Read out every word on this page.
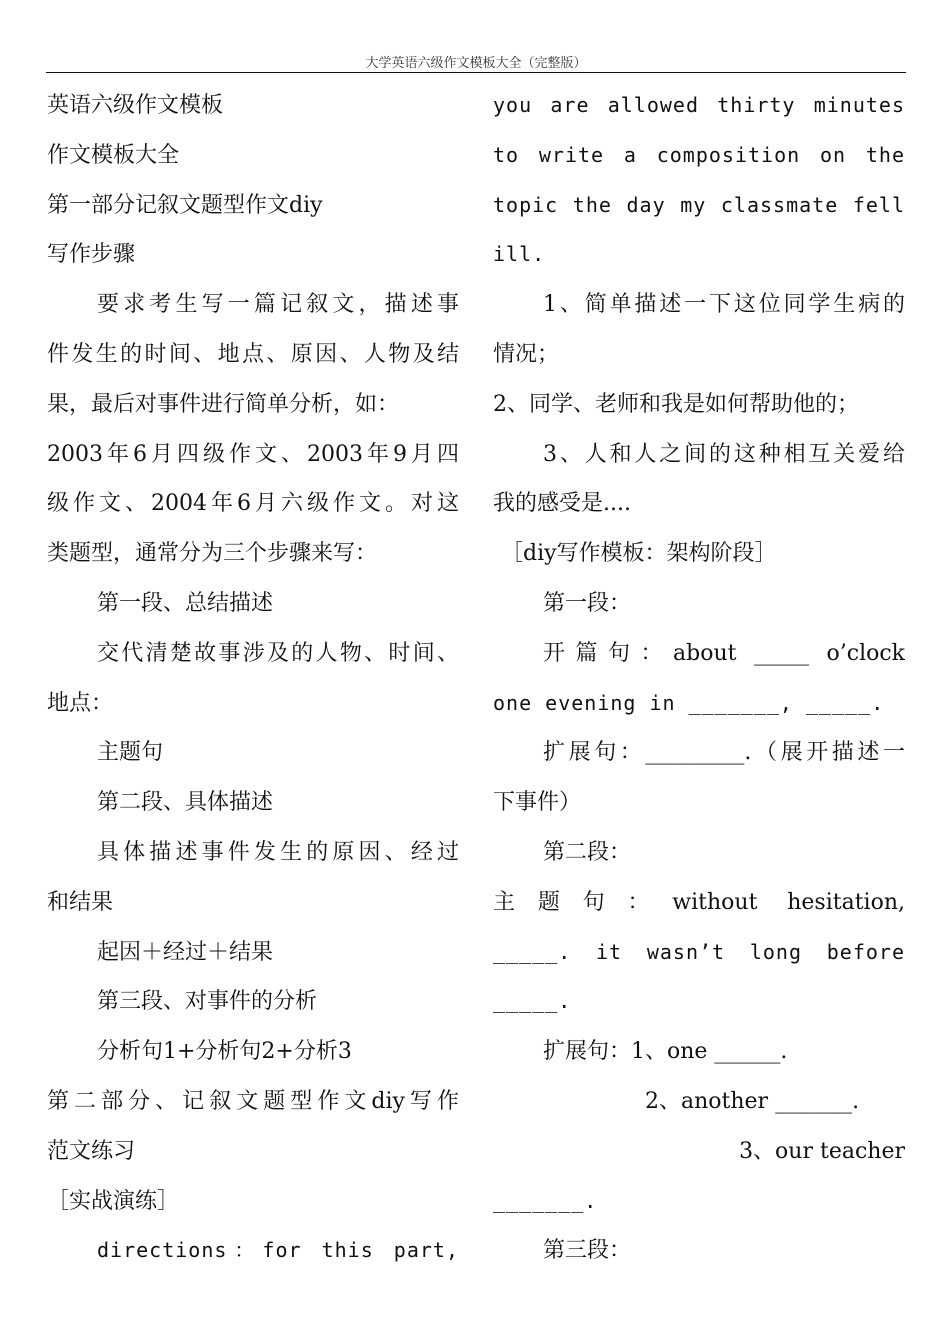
大学英语六级作文模板大全（完整版）

英语六级作文模板

作文模板大全

第一部分记叙文题型作文diy

写作步骤

要求考生写一篇记叙文，描述事

件发生的时间、地点、原因、人物及结

果，最后对事件进行简单分析，如：

2003年6月四级作文、2003年9月四

级作文、2004年6月六级作文。对这

类题型，通常分为三个步骤来写：

第一段、总结描述

交代清楚故事涉及的人物、时间、

地点：

主题句

第二段、具体描述

具体描述事件发生的原因、经过

和结果

起因＋经过＋结果

第三段、对事件的分析

分析句1+分析句2+分析3

第二部分、记叙文题型作文diy写作

范文练习

［实战演练］

directions：for this part,

you are allowed thirty minutes

to write a composition on the

topic the day my classmate fell

ill.

1、简单描述一下这位同学生病的

情况；

2、同学、老师和我是如何帮助他的；

3、人和人之间的这种相互关爱给

我的感受是....

［diy写作模板：架构阶段］

第一段：

开篇句：about _____ o’clock

one evening in _______, _____.

扩展句：_________.（展开描述一

下事件）

第二段：

主题句：without hesitation,

_____. it wasn’t long before

_____.

扩展句：1、one ______.

2、another _______.

3、our teacher

_______.

第三段：
